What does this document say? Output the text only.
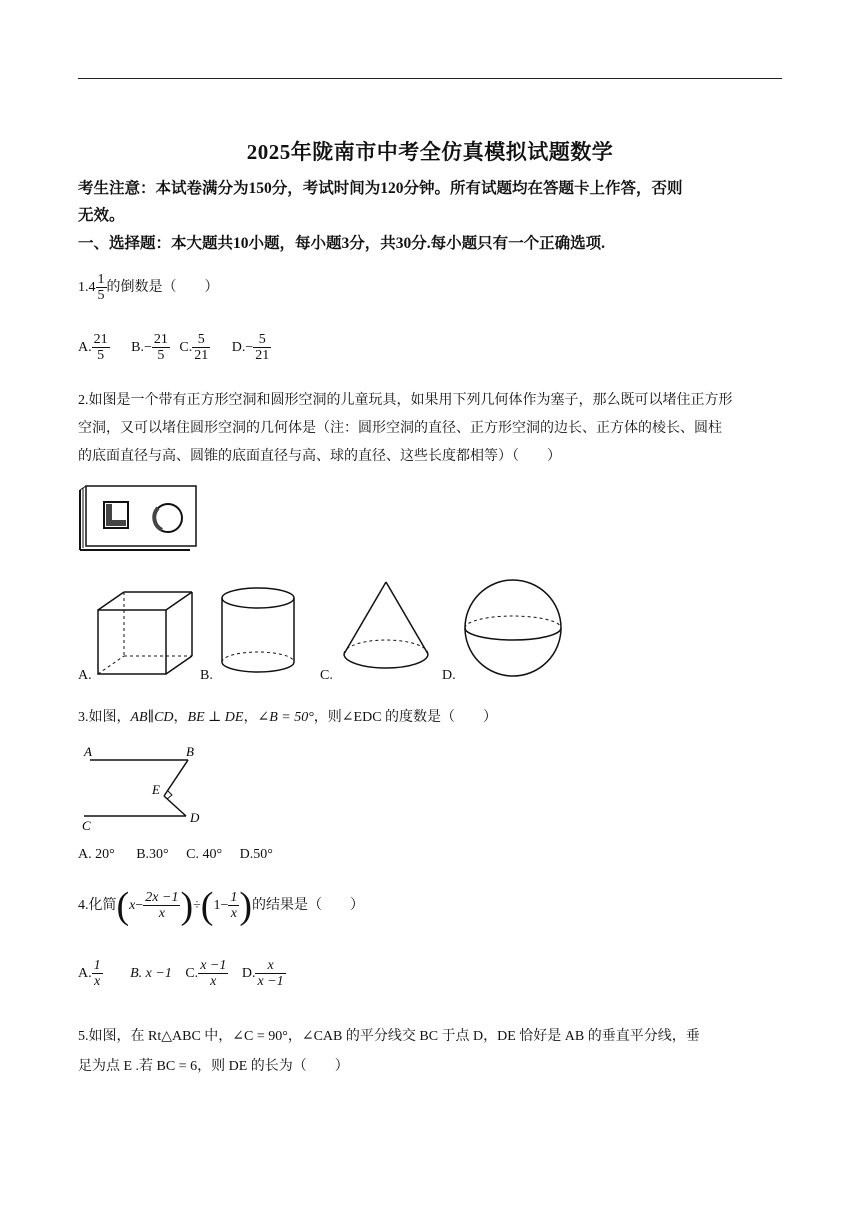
2025年陇南市中考全仿真模拟试题数学
考生注意：本试卷满分为150分，考试时间为120分钟。所有试题均在答题卡上作答，否则
无效。
一、选择题：本大题共10小题，每小题3分，共30分.每小题只有一个正确选项.
$1.4 \frac{1}{5}$ 的倒数是（　　）
A. $\frac{21}{5} B.- \frac{21}{5} C$. $\frac{5}{21} D.- \frac{5}{21}$
2.如图是一个带有正方形空洞和圆形空洞的儿童玩具，如果用下列几何体作为塞子，那么既可以堵住正方形
空洞，又可以堵住圆形空洞的几何体是（注：圆形空洞的直径、正方形空洞的边长、正方体的棱长、圆柱
的底面直径与高、圆锥的底面直径与高、球的直径、这些长度都相等）（　　）
A.	B.	C.	D.
3.如图，AB∥CD，BE ⊥ DE，∠B = 50°，则∠EDC 的度数是（　　）
A	B
E
D
C
A. 20° B.30° C. 40° D.50°
4.化简$(x- \frac{2x -1}{x} )\div(1- \frac{1}{x}$ )的结果是（　　）
A. $\frac{1}{x} B$. x −1 C. $\frac{x -1}{x} D$. $\frac{x}{x -1}$
5.如图，在 Rt△ABC 中，∠C = 90°，∠CAB 的平分线交 BC 于点 D，DE 恰好是 AB 的垂直平分线，垂
足为点 E .若 BC = 6，则 DE 的长为（　　）
